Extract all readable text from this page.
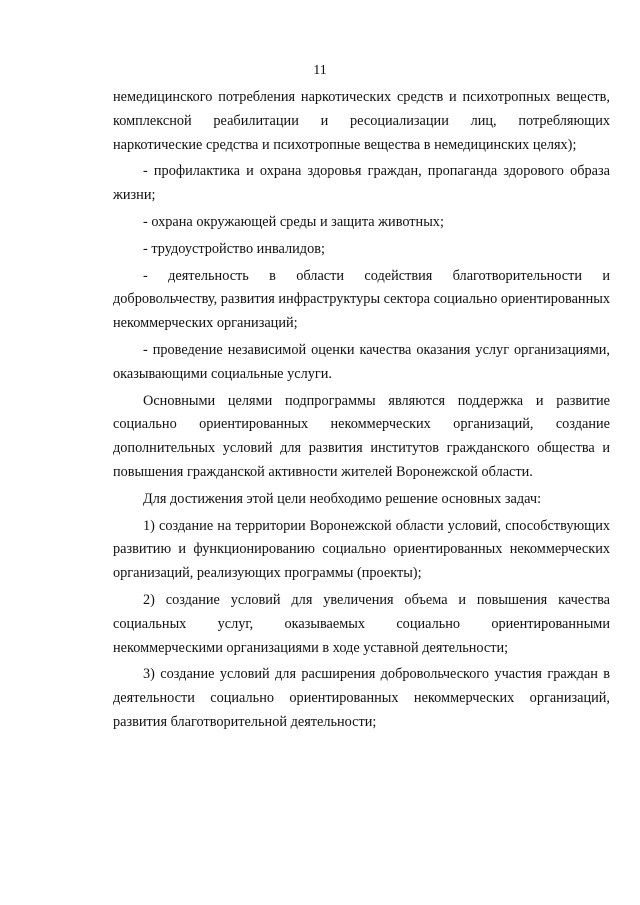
11

немедицинского потребления наркотических средств и психотропных веществ, комплексной реабилитации и ресоциализации лиц, потребляющих наркотические средства и психотропные вещества в немедицинских целях);

- профилактика и охрана здоровья граждан, пропаганда здорового образа жизни;

- охрана окружающей среды и защита животных;

- трудоустройство инвалидов;

- деятельность в области содействия благотворительности и добровольчеству, развития инфраструктуры сектора социально ориентированных некоммерческих организаций;

- проведение независимой оценки качества оказания услуг организациями, оказывающими социальные услуги.

Основными целями подпрограммы являются поддержка и развитие социально ориентированных некоммерческих организаций, создание дополнительных условий для развития институтов гражданского общества и повышения гражданской активности жителей Воронежской области.

Для достижения этой цели необходимо решение основных задач:

1) создание на территории Воронежской области условий, способствующих развитию и функционированию социально ориентированных некоммерческих организаций, реализующих программы (проекты);

2) создание условий для увеличения объема и повышения качества социальных услуг, оказываемых социально ориентированными некоммерческими организациями в ходе уставной деятельности;

3) создание условий для расширения добровольческого участия граждан в деятельности социально ориентированных некоммерческих организаций, развития благотворительной деятельности;
